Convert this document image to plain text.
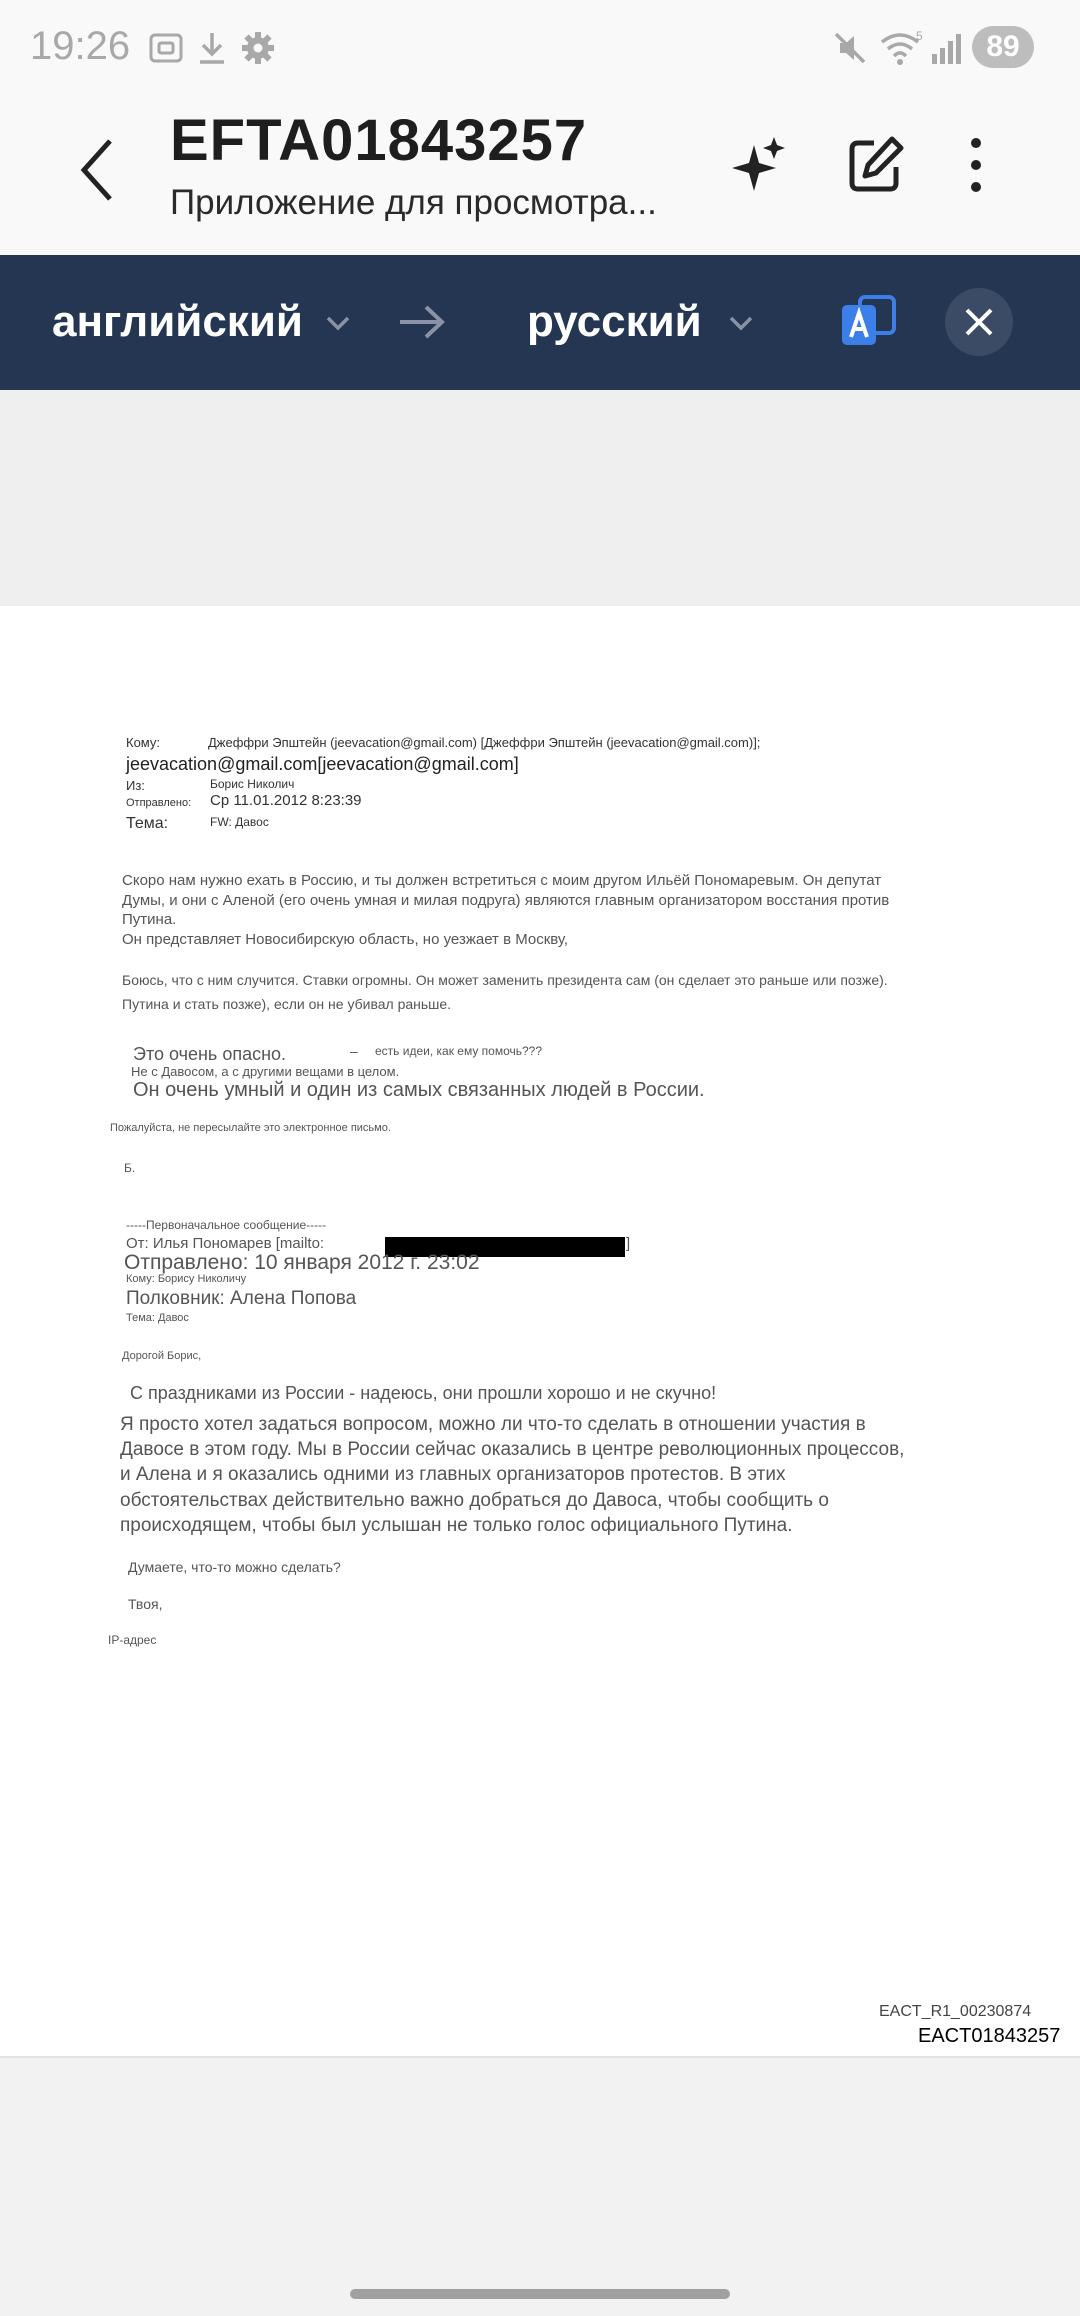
19:26	5	89
EFTA01843257
Приложение для просмотра...
английский	русский
Кому:	Джеффри Эпштейн (jeevacation@gmail.com) [Джеффри Эпштейн (jeevacation@gmail.com)];
jeevacation@gmail.com[jeevacation@gmail.com]
Из:	Борис Николич
Отправлено: Ср 11.01.2012 8:23:39
Тема:	FW: Давос
Скоро нам нужно ехать в Россию, и ты должен встретиться с моим другом Ильёй Пономаревым. Он депутат
Думы, и они с Аленой (его очень умная и милая подруга) являются главным организатором восстания против
Путина.
Он представляет Новосибирскую область, но уезжает в Москву,
Боюсь, что с ним случится. Ставки огромны. Он может заменить президента сам (он сделает это раньше или позже).
Путина и стать позже), если он не убивал раньше.
Это очень опасно.	– есть идеи, как ему помочь???
Не с Давосом, а с другими вещами в целом.
Он очень умный и один из самых связанных людей в России.
Пожалуйста, не пересылайте это электронное письмо.
Б.
-----Первоначальное сообщение-----
От: Илья Пономарев [mailto:	]
Отправлено: 10 января 2012 г. 23:02
Кому: Борису Николичу
Полковник: Алена Попова
Тема: Давос
Дорогой Борис,
С праздниками из России - надеюсь, они прошли хорошо и не скучно!
Я просто хотел задаться вопросом, можно ли что-то сделать в отношении участия в
Давосе в этом году. Мы в России сейчас оказались в центре революционных процессов,
и Алена и я оказались одними из главных организаторов протестов. В этих
обстоятельствах действительно важно добраться до Давоса, чтобы сообщить о
происходящем, чтобы был услышан не только голос официального Путина.
Думаете, что-то можно сделать?
Твоя,
IP-адрес
EACT_R1_00230874
EACT01843257
